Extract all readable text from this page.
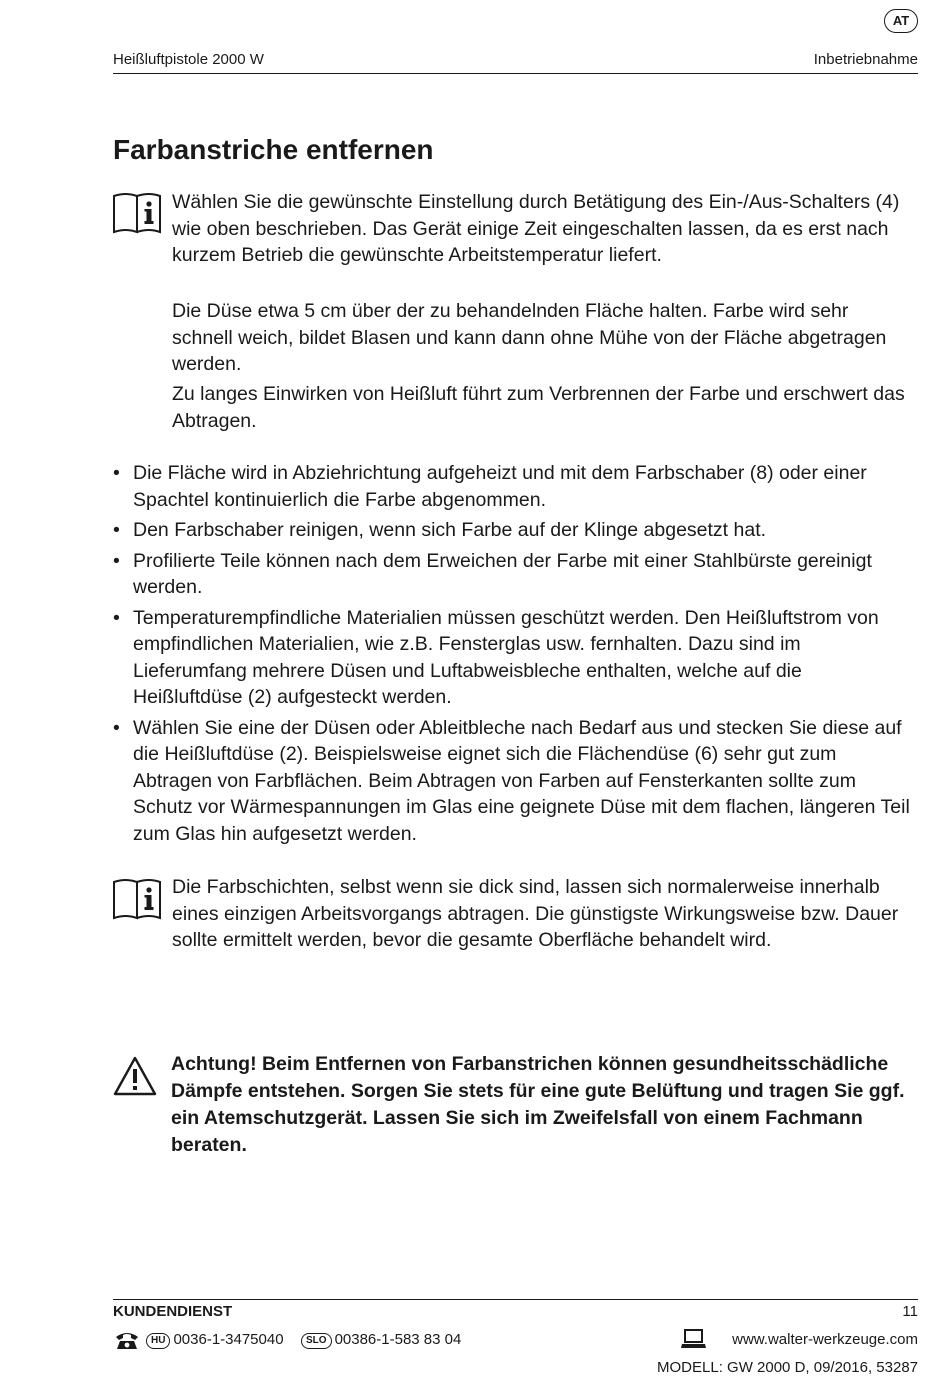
AT
Heißluftpistole 2000 W	Inbetriebnahme
Farbanstriche entfernen

Wählen Sie die gewünschte Einstellung durch Betätigung des Ein-/Aus-Schalters (4) wie oben beschrieben. Das Gerät einige Zeit eingeschalten lassen, da es erst nach kurzem Betrieb die gewünschte Arbeitstemperatur liefert.

Die Düse etwa 5 cm über der zu behandelnden Fläche halten. Farbe wird sehr schnell weich, bildet Blasen und kann dann ohne Mühe von der Fläche abgetragen werden.

Zu langes Einwirken von Heißluft führt zum Verbrennen der Farbe und erschwert das Abtragen.

• Die Fläche wird in Abziehrichtung aufgeheizt und mit dem Farbschaber (8) oder einer Spachtel kontinuierlich die Farbe abgenommen.
• Den Farbschaber reinigen, wenn sich Farbe auf der Klinge abgesetzt hat.
• Profilierte Teile können nach dem Erweichen der Farbe mit einer Stahlbürste gereinigt werden.
• Temperaturempfindliche Materialien müssen geschützt werden. Den Heißluftstrom von empfindlichen Materialien, wie z.B. Fensterglas usw. fernhalten. Dazu sind im Lieferumfang mehrere Düsen und Luftabweisbleche enthalten, welche auf die Heißluftdüse (2) aufgesteckt werden.
• Wählen Sie eine der Düsen oder Ableitbleche nach Bedarf aus und stecken Sie diese auf die Heißluftdüse (2). Beispielsweise eignet sich die Flächendüse (6) sehr gut zum Abtragen von Farbflächen. Beim Abtragen von Farben auf Fensterkanten sollte zum Schutz vor Wärmespannungen im Glas eine geignete Düse mit dem flachen, längeren Teil zum Glas hin aufgesetzt werden.

Die Farbschichten, selbst wenn sie dick sind, lassen sich normalerweise innerhalb eines einzigen Arbeitsvorgangs abtragen. Die günstigste Wirkungsweise bzw. Dauer sollte ermittelt werden, bevor die gesamte Oberfläche behandelt wird.

Achtung! Beim Entfernen von Farbanstrichen können gesundheitsschädliche Dämpfe entstehen. Sorgen Sie stets für eine gute Belüftung und tragen Sie ggf. ein Atemschutzgerät. Lassen Sie sich im Zweifelsfall von einem Fachmann beraten.

KUNDENDIENST	11
HU 0036-1-3475040	SLO 00386-1-583 83 04	www.walter-werkzeuge.com
MODELL: GW 2000 D, 09/2016, 53287
